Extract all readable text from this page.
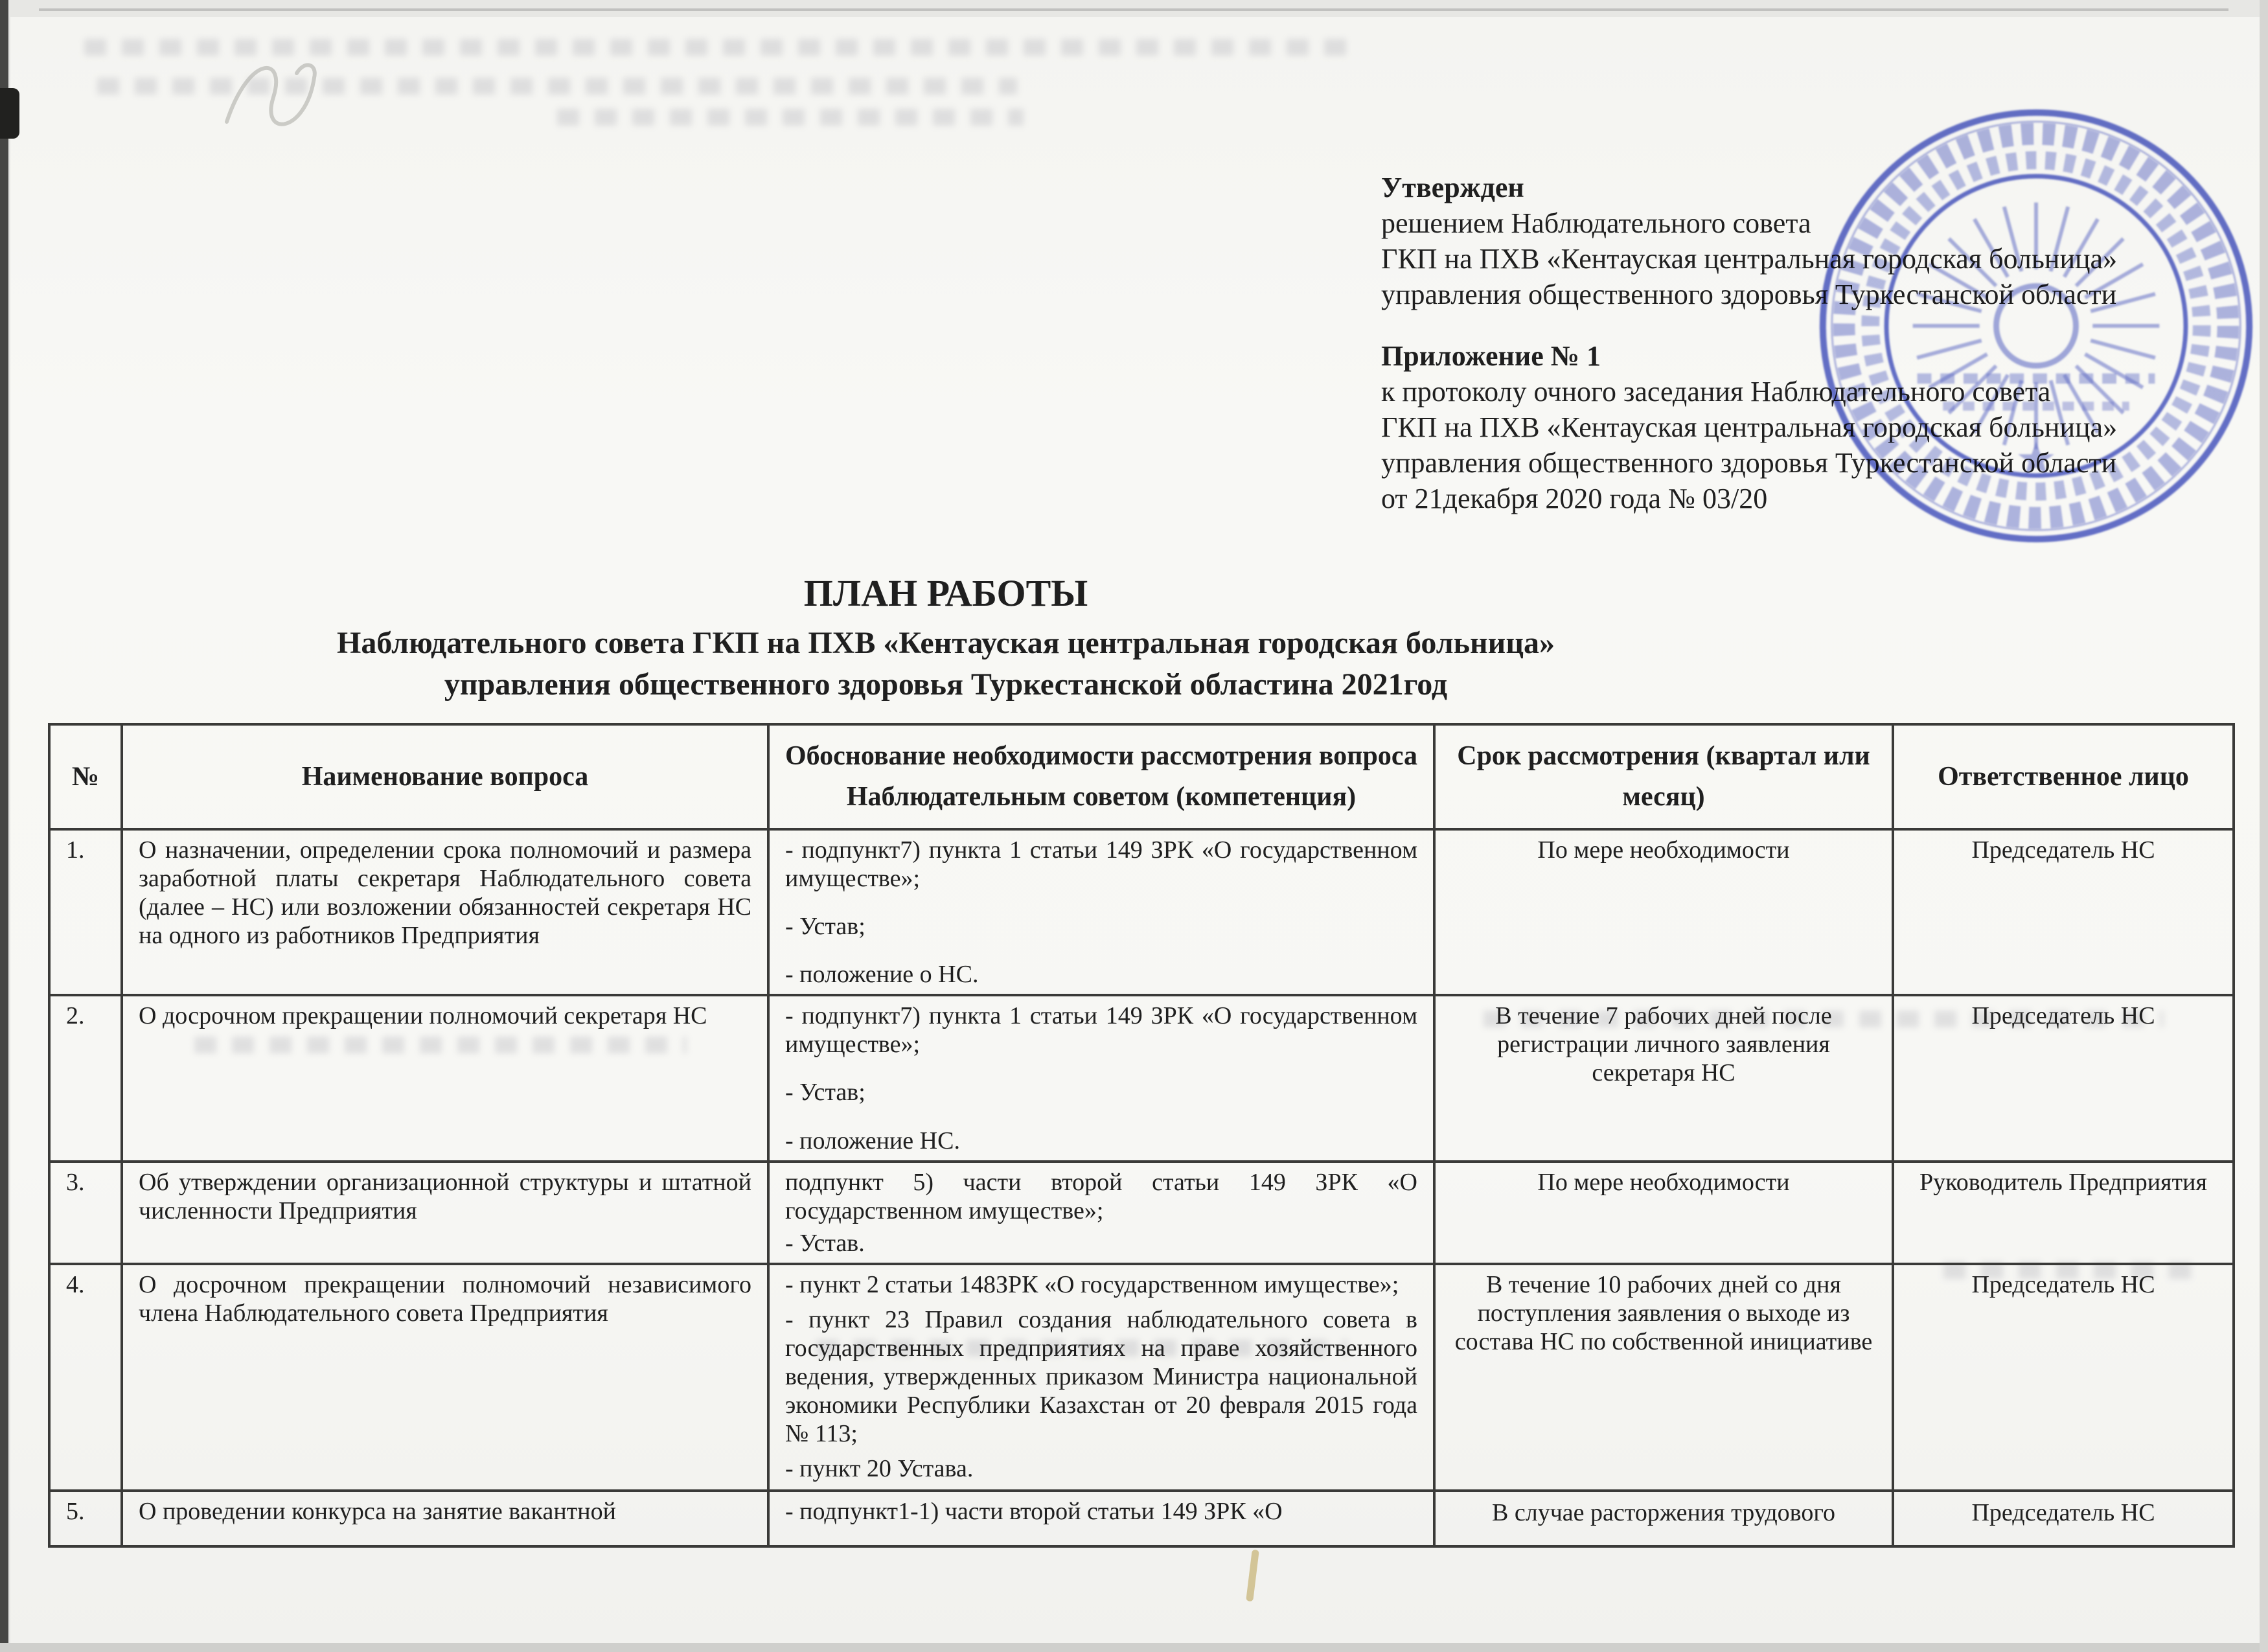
Утвержден

решением Наблюдательного совета

ГКП на ПХВ «Кентауская центральная городская больница»

управления общественного здоровья Туркестанской области

Приложение № 1

к протоколу очного заседания Наблюдательного совета

ГКП на ПХВ «Кентауская центральная городская больница»

управления общественного здоровья Туркестанской области

от 21декабря 2020 года № 03/20

ПЛАН РАБОТЫ

Наблюдательного совета ГКП на ПХВ «Кентауская центральная городская больница»

управления общественного здоровья Туркестанской областина 2021год

№	Наименование вопроса	Обоснование необходимости рассмотрения вопроса Наблюдательным советом (компетенция)	Срок рассмотрения (квартал или месяц)	Ответственное лицо
1.	О назначении, определении срока полномочий и размера заработной платы секретаря Наблюдательного совета (далее – НС) или возложении обязанностей секретаря НС на одного из работников Предприятия	- подпункт7) пункта 1 статьи 149 ЗРК «О государственном имуществе»;

- Устав;

- положение о НС.	По мере необходимости	Председатель НС
2.	О досрочном прекращении полномочий секретаря НС	- подпункт7) пункта 1 статьи 149 ЗРК «О государственном имуществе»;

- Устав;

- положение НС.	В течение 7 рабочих дней после регистрации личного заявления секретаря НС	Председатель НС
3.	Об утверждении организационной структуры и штатной численности Предприятия	подпункт 5) части второй статьи 149 ЗРК «О государственном имуществе»;

- Устав.	По мере необходимости	Руководитель Предприятия
4.	О досрочном прекращении полномочий независимого члена Наблюдательного совета Предприятия	- пункт 2 статьи 148ЗРК «О государственном имуществе»;

- пункт 23 Правил создания наблюдательного совета в государственных предприятиях на праве хозяйственного ведения, утвержденных приказом Министра национальной экономики Республики Казахстан от 20 февраля 2015 года № 113;

- пункт 20 Устава.	В течение 10 рабочих дней со дня поступления заявления о выходе из состава НС по собственной инициативе	Председатель НС

5.	О проведении конкурса на занятие вакантной	- подпункт1-1) части второй статьи 149 ЗРК «О	В случае расторжения трудового	Председатель НС
